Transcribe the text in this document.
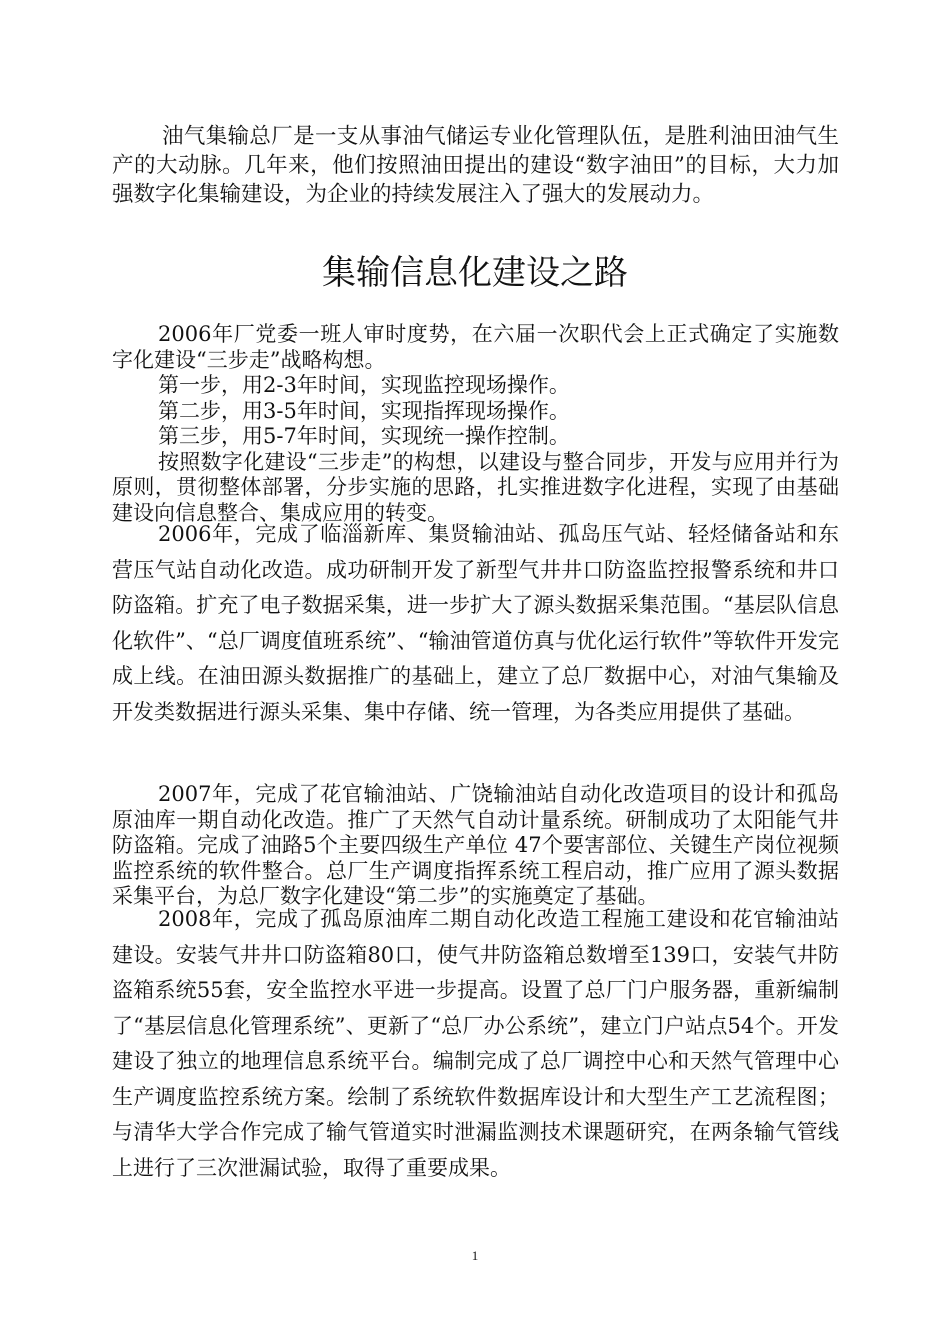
油气集输总厂是一支从事油气储运专业化管理队伍，是胜利油田油气生产的大动脉。几年来，他们按照油田提出的建设“数字油田”的目标，大力加强数字化集输建设，为企业的持续发展注入了强大的发展动力。

集输信息化建设之路

2006年厂党委一班人审时度势，在六届一次职代会上正式确定了实施数字化建设“三步走”战略构想。

第一步，用2-3年时间，实现监控现场操作。

第二步，用3-5年时间，实现指挥现场操作。

第三步，用5-7年时间，实现统一操作控制。

按照数字化建设“三步走”的构想，以建设与整合同步，开发与应用并行为原则，贯彻整体部署，分步实施的思路，扎实推进数字化进程，实现了由基础建设向信息整合、集成应用的转变。

2006年，完成了临淄新库、集贤输油站、孤岛压气站、轻烃储备站和东营压气站自动化改造。成功研制开发了新型气井井口防盗监控报警系统和井口防盗箱。扩充了电子数据采集，进一步扩大了源头数据采集范围。“基层队信息化软件”、“总厂调度值班系统”、“输油管道仿真与优化运行软件”等软件开发完成上线。在油田源头数据推广的基础上，建立了总厂数据中心，对油气集输及开发类数据进行源头采集、集中存储、统一管理，为各类应用提供了基础。

2007年，完成了花官输油站、广饶输油站自动化改造项目的设计和孤岛原油库一期自动化改造。推广了天然气自动计量系统。研制成功了太阳能气井防盗箱。完成了油路5个主要四级生产单位 47个要害部位、关键生产岗位视频监控系统的软件整合。总厂生产调度指挥系统工程启动，推广应用了源头数据采集平台，为总厂数字化建设“第二步”的实施奠定了基础。

2008年，完成了孤岛原油库二期自动化改造工程施工建设和花官输油站建设。安装气井井口防盗箱80口，使气井防盗箱总数增至139口，安装气井防盗箱系统55套，安全监控水平进一步提高。设置了总厂门户服务器，重新编制了“基层信息化管理系统”、更新了“总厂办公系统”，建立门户站点54个。开发建设了独立的地理信息系统平台。编制完成了总厂调控中心和天然气管理中心生产调度监控系统方案。绘制了系统软件数据库设计和大型生产工艺流程图；与清华大学合作完成了输气管道实时泄漏监测技术课题研究，在两条输气管线上进行了三次泄漏试验，取得了重要成果。

1
